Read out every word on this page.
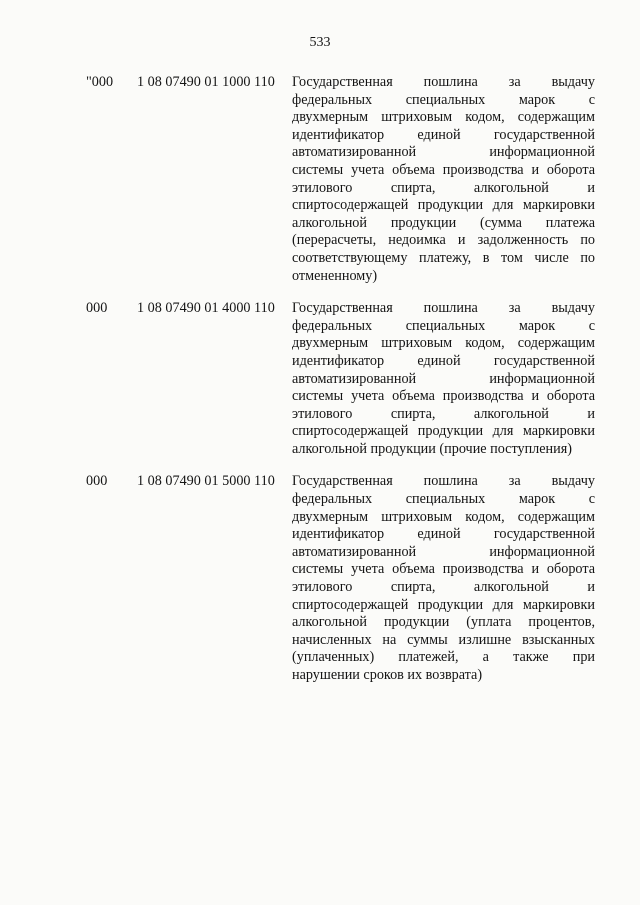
533
"000	1 08 07490 01 1000 110	Государственная пошлина за выдачу
федеральных специальных марок с
двухмерным штриховым кодом, содержащим
идентификатор единой государственной
автоматизированной информационной
системы учета объема производства и оборота
этилового спирта, алкогольной и
спиртосодержащей продукции для маркировки
алкогольной продукции (сумма платежа
(перерасчеты, недоимка и задолженность по
соответствующему платежу, в том числе по
отмененному)
000	1 08 07490 01 4000 110	Государственная пошлина за выдачу
федеральных специальных марок с
двухмерным штриховым кодом, содержащим
идентификатор единой государственной
автоматизированной информационной
системы учета объема производства и оборота
этилового спирта, алкогольной и
спиртосодержащей продукции для маркировки
алкогольной продукции (прочие поступления)
000	1 08 07490 01 5000 110	Государственная пошлина за выдачу
федеральных специальных марок с
двухмерным штриховым кодом, содержащим
идентификатор единой государственной
автоматизированной информационной
системы учета объема производства и оборота
этилового спирта, алкогольной и
спиртосодержащей продукции для маркировки
алкогольной продукции (уплата процентов,
начисленных на суммы излишне взысканных
(уплаченных) платежей, а также при
нарушении сроков их возврата)
